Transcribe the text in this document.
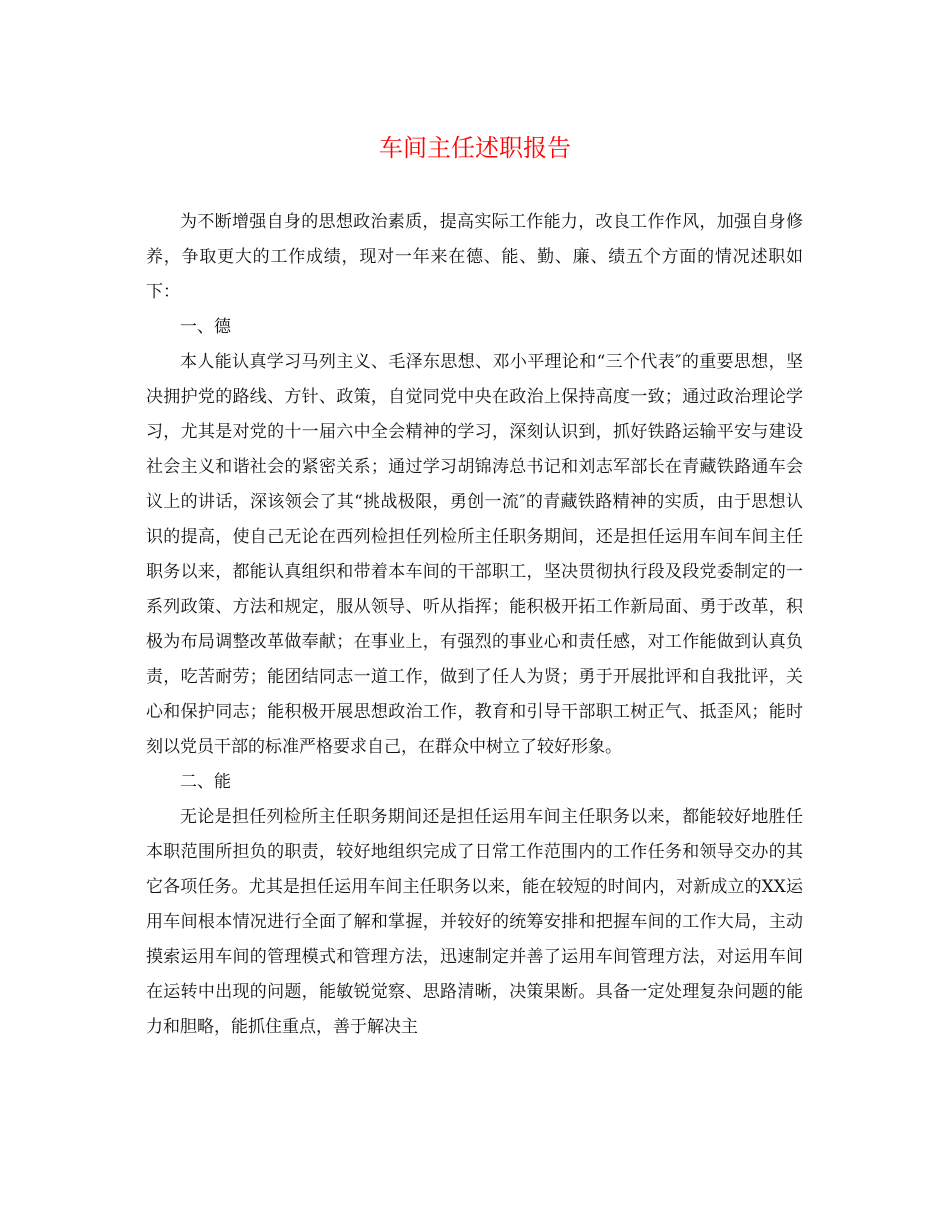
车间主任述职报告

为不断增强自身的思想政治素质，提高实际工作能力，改良工作作风，加强自身修养，争取更大的工作成绩，现对一年来在德、能、勤、廉、绩五个方面的情况述职如下：

一、德

本人能认真学习马列主义、毛泽东思想、邓小平理论和“三个代表″的重要思想，坚决拥护党的路线、方针、政策，自觉同党中央在政治上保持高度一致；通过政治理论学习，尤其是对党的十一届六中全会精神的学习，深刻认识到，抓好铁路运输平安与建设社会主义和谐社会的紧密关系；通过学习胡锦涛总书记和刘志军部长在青藏铁路通车会议上的讲话，深该领会了其“挑战极限，勇创一流″的青藏铁路精神的实质，由于思想认识的提高，使自己无论在西列检担任列检所主任职务期间，还是担任运用车间车间主任职务以来，都能认真组织和带着本车间的干部职工，坚决贯彻执行段及段党委制定的一系列政策、方法和规定，服从领导、听从指挥；能积极开拓工作新局面、勇于改革，积极为布局调整改革做奉献；在事业上，有强烈的事业心和责任感，对工作能做到认真负责，吃苦耐劳；能团结同志一道工作，做到了任人为贤；勇于开展批评和自我批评，关心和保护同志；能积极开展思想政治工作，教育和引导干部职工树正气、抵歪风；能时刻以党员干部的标准严格要求自己，在群众中树立了较好形象。

二、能

无论是担任列检所主任职务期间还是担任运用车间主任职务以来，都能较好地胜任本职范围所担负的职责，较好地组织完成了日常工作范围内的工作任务和领导交办的其它各项任务。尤其是担任运用车间主任职务以来，能在较短的时间内，对新成立的XX运用车间根本情况进行全面了解和掌握，并较好的统筹安排和把握车间的工作大局，主动摸索运用车间的管理模式和管理方法，迅速制定并善了运用车间管理方法，对运用车间在运转中出现的问题，能敏锐觉察、思路清晰，决策果断。具备一定处理复杂问题的能力和胆略，能抓住重点，善于解决主
